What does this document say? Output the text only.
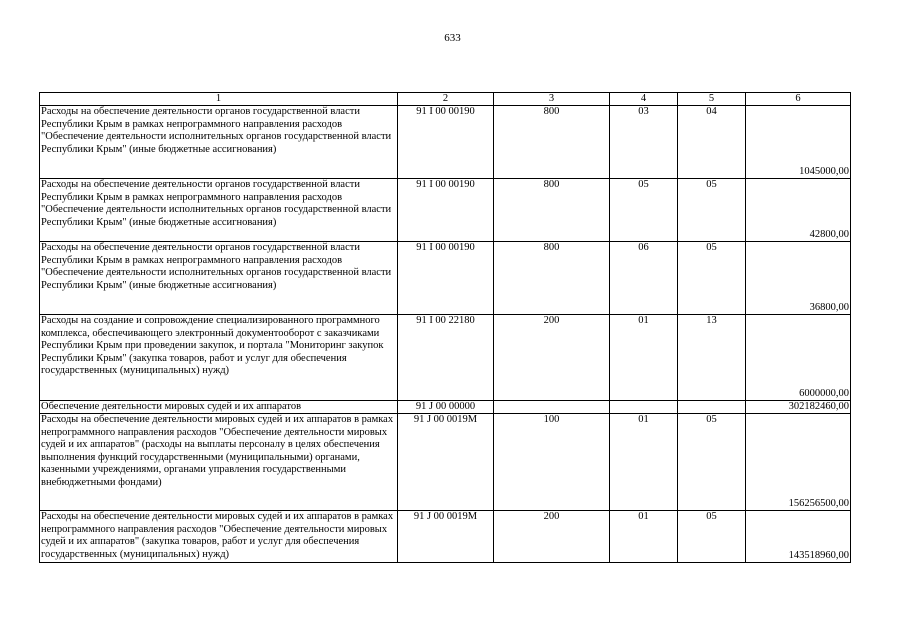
633
1	2	3	4	5	6
Расходы на обеспечение деятельности органов государственной власти Республики Крым в рамках непрограммного направления расходов "Обеспечение деятельности исполнительных органов государственной власти Республики Крым" (иные бюджетные ассигнования)	91 I 00 00190	800	03	04	1045000,00
Расходы на обеспечение деятельности органов государственной власти Республики Крым в рамках непрограммного направления расходов "Обеспечение деятельности исполнительных органов государственной власти Республики Крым" (иные бюджетные ассигнования)	91 I 00 00190	800	05	05	42800,00
Расходы на обеспечение деятельности органов государственной власти Республики Крым в рамках непрограммного направления расходов "Обеспечение деятельности исполнительных органов государственной власти Республики Крым" (иные бюджетные ассигнования)	91 I 00 00190	800	06	05	36800,00
Расходы на создание и сопровождение специализированного программного комплекса, обеспечивающего электронный документооборот с заказчиками Республики Крым при проведении закупок, и портала "Мониторинг закупок Республики Крым" (закупка товаров, работ и услуг для обеспечения государственных (муниципальных) нужд)	91 I 00 22180	200	01	13	6000000,00
Обеспечение деятельности мировых судей и их аппаратов	91 J 00 00000				302182460,00
Расходы на обеспечение деятельности мировых судей и их аппаратов в рамках непрограммного направления расходов "Обеспечение деятельности мировых судей и их аппаратов" (расходы на выплаты персоналу в целях обеспечения выполнения функций государственными (муниципальными) органами, казенными учреждениями, органами управления государственными внебюджетными фондами)	91 J 00 0019M	100	01	05	156256500,00
Расходы на обеспечение деятельности мировых судей и их аппаратов в рамках непрограммного направления расходов "Обеспечение деятельности мировых судей и их аппаратов" (закупка товаров, работ и услуг для обеспечения государственных (муниципальных) нужд)	91 J 00 0019M	200	01	05	143518960,00
